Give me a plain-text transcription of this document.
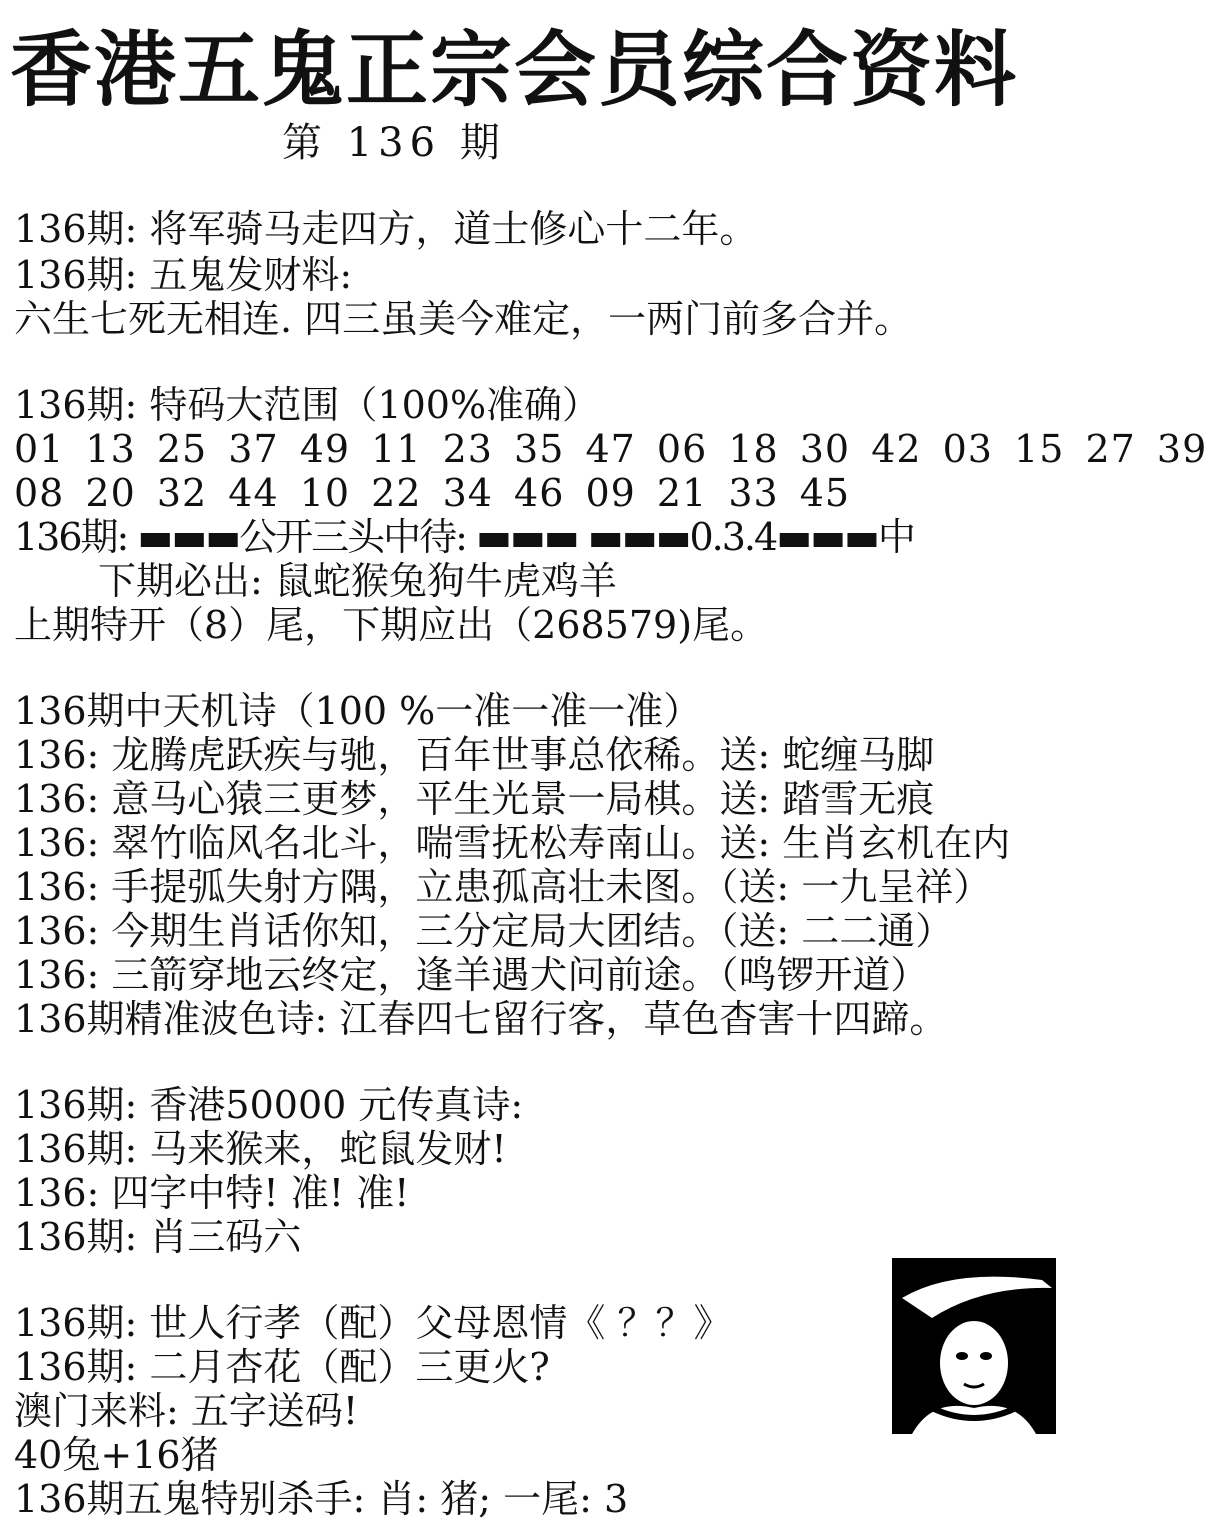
香港五鬼正宗会员综合资料
第 136 期
136期: 将军骑马走四方，道士修心十二年。
136期: 五鬼发财料:
六生七死无相连. 四三虽美今难定，一两门前多合并。
136期: 特码大范围（100%准确）
01 13 25 37 49 11 23 35 47 06 18 30 42 03 15 27 39
08 20 32 44 10 22 34 46 09 21 33 45
136期: ▬▬▬公开三头中待: ▬▬▬ ▬▬▬0.3.4▬▬▬中
下期必出: 鼠蛇猴兔狗牛虎鸡羊
上期特开（8）尾，下期应出（268579)尾。
136期中天机诗（100 %一准一准一准）
136: 龙腾虎跃疾与驰，百年世事总依稀。送: 蛇缠马脚
136: 意马心猿三更梦，平生光景一局棋。送: 踏雪无痕
136: 翠竹临风名北斗，喘雪抚松寿南山。送: 生肖玄机在内
136: 手提弧失射方隅，立患孤高壮未图。（送: 一九呈祥）
136: 今期生肖话你知，三分定局大团结。（送: 二二通）
136: 三箭穿地云终定，逢羊遇犬问前途。（鸣锣开道）
136期精准波色诗: 江春四七留行客，草色杳害十四蹄。
136期: 香港50000 元传真诗:
136期: 马来猴来，蛇鼠发财!
136: 四字中特! 准! 准!
136期: 肖三码六
136期: 世人行孝（配）父母恩情《 ？？》
136期: 二月杏花（配）三更火?
澳门来料: 五字送码!
40兔+16猪
136期五鬼特别杀手: 肖: 猪; 一尾: 3
